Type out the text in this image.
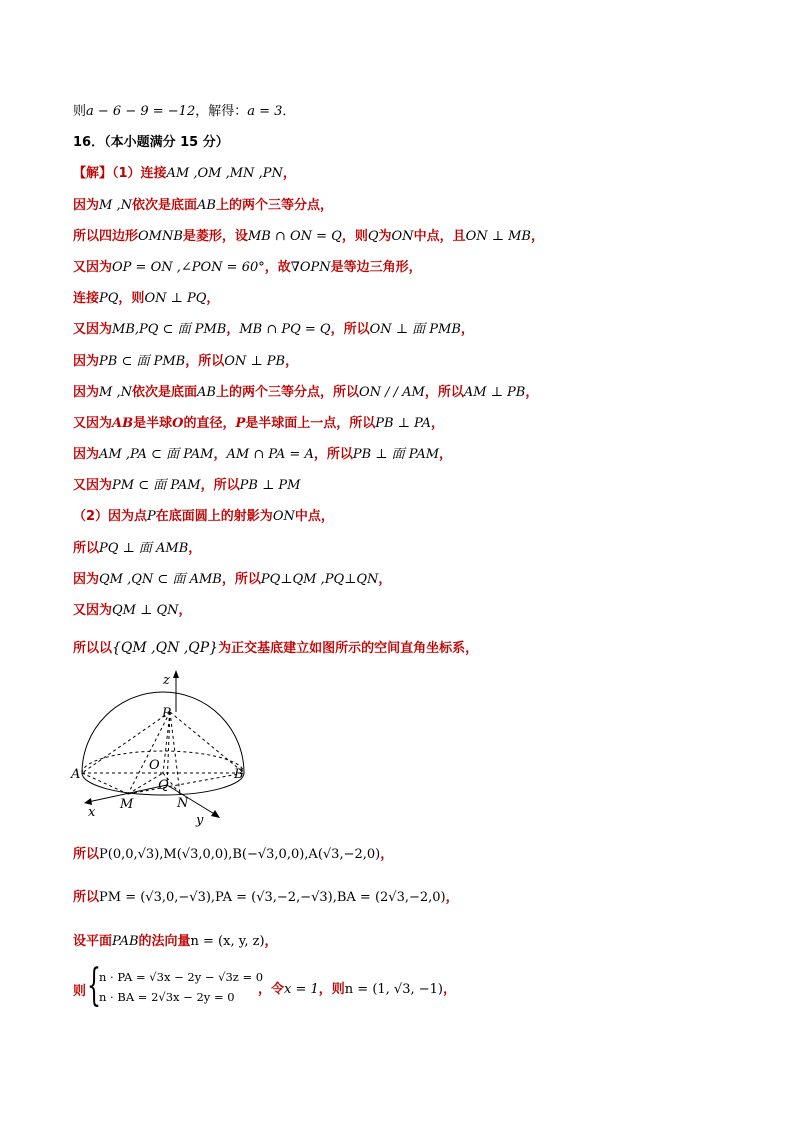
则a − 6 − 9 = −12，解得：a = 3．
16．（本小题满分 15 分）
【解】（1）连接AM ,OM ,MN ,PN，
因为M ,N依次是底面AB上的两个三等分点，
所以四边形OMNB是菱形，设MB ∩ ON = Q，则Q为ON中点，且ON ⊥ MB，
又因为OP = ON ,∠PON = 60°，故∇OPN是等边三角形，
连接PQ，则ON ⊥ PQ，
又因为MB,PQ ⊂ 面 PMB，MB ∩ PQ = Q，所以ON ⊥ 面 PMB，
因为PB ⊂ 面 PMB，所以ON ⊥ PB，
因为M ,N依次是底面AB上的两个三等分点，所以ON / / AM，所以AM ⊥ PB，
又因为AB是半球O的直径，P是半球面上一点，所以PB ⊥ PA，
因为AM ,PA ⊂ 面 PAM，AM ∩ PA = A，所以PB ⊥ 面 PAM，
又因为PM ⊂ 面 PAM，所以PB ⊥ PM
（2）因为点P在底面圆上的射影为ON中点，
所以PQ ⊥ 面 AMB，
因为QM ,QN ⊂ 面 AMB，所以PQ⊥QM ,PQ⊥QN，
又因为QM ⊥ QN，
所以以{QM ,QN ,QP}为正交基底建立如图所示的空间直角坐标系，
z
P
A	B
O
Q
M	N
x
y
所以P(0,0,√3),M(√3,0,0),B(−√3,0,0),A(√3,−2,0)，
所以PM = (√3,0,−√3),PA = (√3,−2,−√3),BA = (2√3,−2,0)，
设平面PAB的法向量n = (x, y, z)，
则 {
n · PA = √3x − 2y − √3z = 0
n · BA = 2√3x − 2y = 0 ，令x = 1，则n = (1, √3, −1)，
